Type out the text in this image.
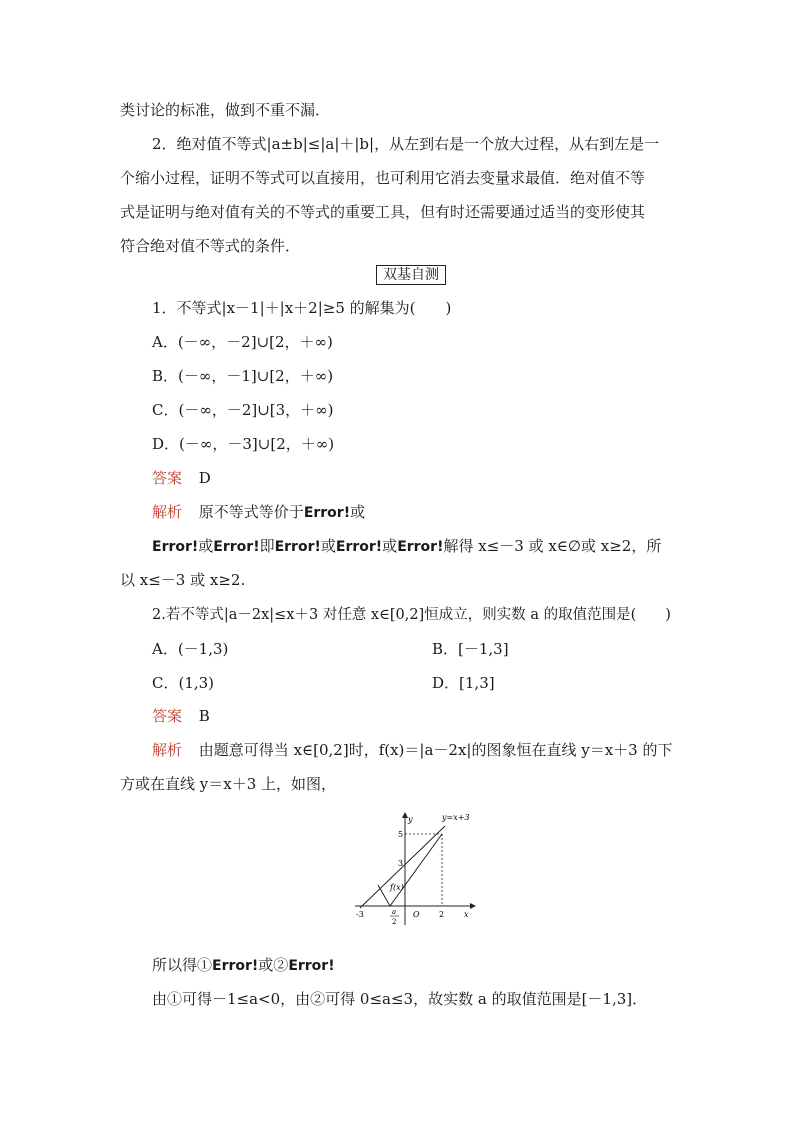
类讨论的标准，做到不重不漏．
2．绝对值不等式|a±b|≤|a|＋|b|，从左到右是一个放大过程，从右到左是一
个缩小过程，证明不等式可以直接用，也可利用它消去变量求最值．绝对值不等
式是证明与绝对值有关的不等式的重要工具，但有时还需要通过适当的变形使其
符合绝对值不等式的条件．
双基自测
1．不等式|x－1|＋|x＋2|≥5 的解集为(　　)
A．(－∞，－2]∪[2，＋∞)
B．(－∞，－1]∪[2，＋∞)
C．(－∞，－2]∪[3，＋∞)
D．(－∞，－3]∪[2，＋∞)
答案 D
解析 原不等式等价于Error!或
Error!或Error!即Error!或Error!或Error!解得 x≤－3 或 x∈∅或 x≥2，所
以 x≤－3 或 x≥2.
2.若不等式|a－2x|≤x＋3 对任意 x∈[0,2]恒成立，则实数 a 的取值范围是(　　)
A．(－1,3)	B．[－1,3]
C．(1,3)	D．[1,3]
答案 B
解析 由题意可得当 x∈[0,2]时，f(x)＝|a－2x|的图象恒在直线 y＝x＋3 的下
方或在直线 y＝x＋3 上，如图，
y=x+3
y
x
f(x)
O
5
3
-3	2
a
2
所以得①Error!或②Error!
由①可得－1≤a<0，由②可得 0≤a≤3，故实数 a 的取值范围是[－1,3]．
